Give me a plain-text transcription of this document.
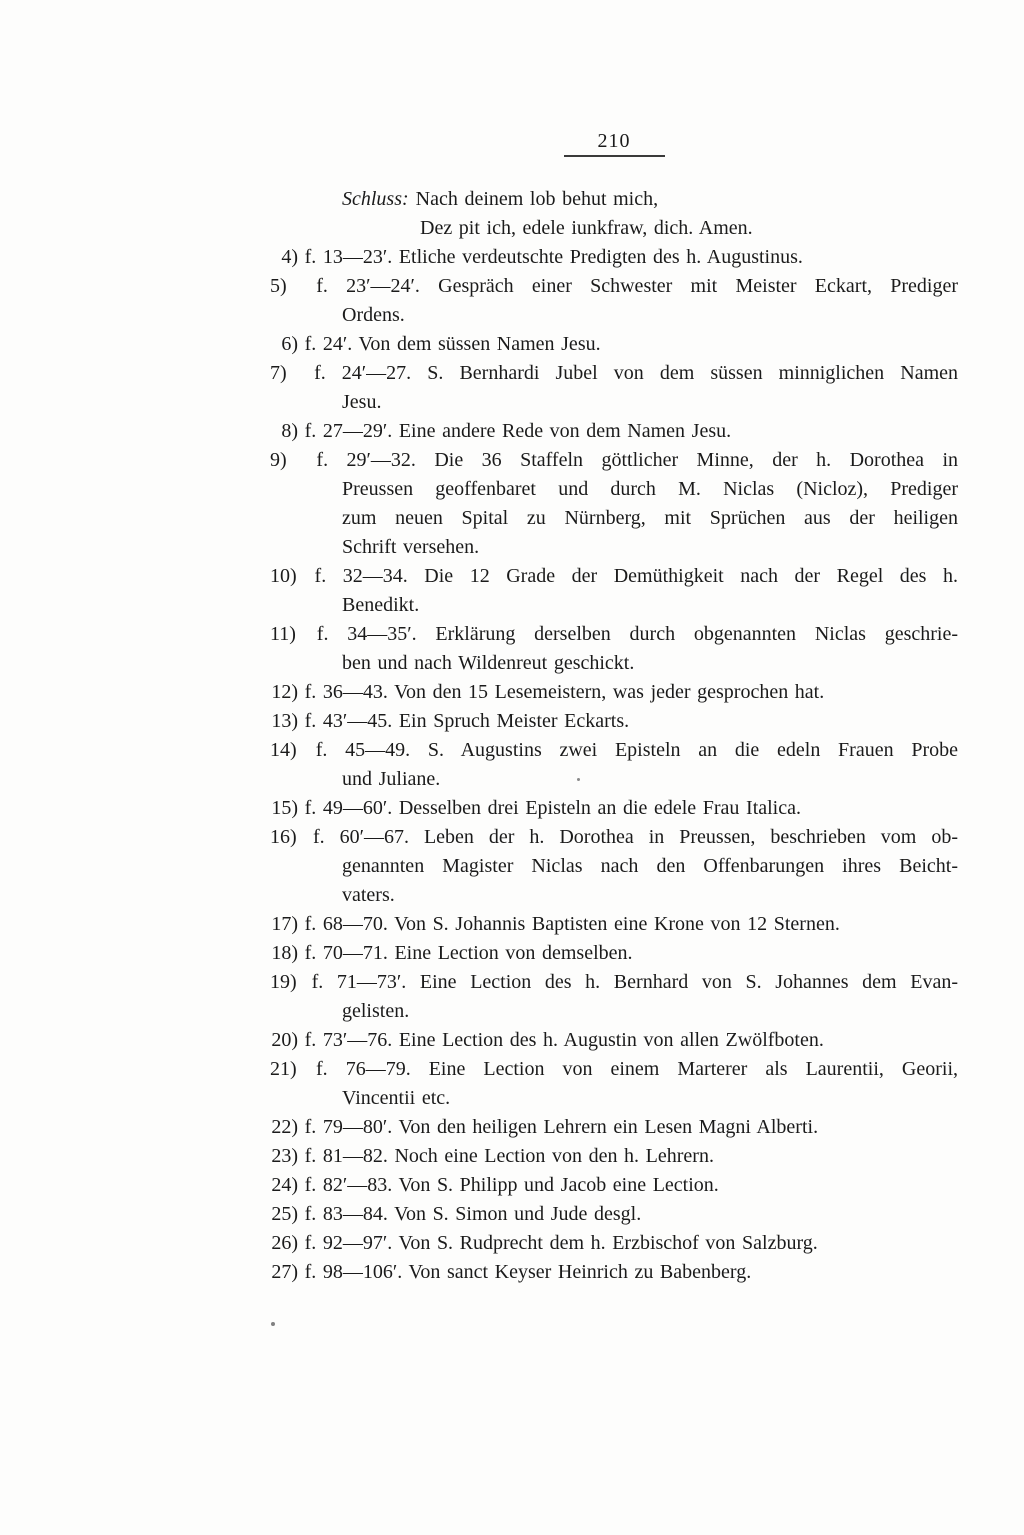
210
Schluss: Nach deinem lob behut mich,
Dez pit ich, edele iunkfraw, dich. Amen.
4) f. 13—23′. Etliche verdeutschte Predigten des h. Augustinus.
5) f. 23′—24′. Gespräch einer Schwester mit Meister Eckart, Prediger
Ordens.
6) f. 24′. Von dem süssen Namen Jesu.
7) f. 24′—27. S. Bernhardi Jubel von dem süssen minniglichen Namen
Jesu.
8) f. 27—29′. Eine andere Rede von dem Namen Jesu.
9) f. 29′—32. Die 36 Staffeln göttlicher Minne, der h. Dorothea in
Preussen geoffenbaret und durch M. Niclas (Nicloz), Prediger
zum neuen Spital zu Nürnberg, mit Sprüchen aus der heiligen
Schrift versehen.
10) f. 32—34. Die 12 Grade der Demüthigkeit nach der Regel des h.
Benedikt.
11) f. 34—35′. Erklärung derselben durch obgenannten Niclas geschrie-
ben und nach Wildenreut geschickt.
12) f. 36—43. Von den 15 Lesemeistern, was jeder gesprochen hat.
13) f. 43′—45. Ein Spruch Meister Eckarts.
14) f. 45—49. S. Augustins zwei Episteln an die edeln Frauen Probe
und Juliane.
15) f. 49—60′. Desselben drei Episteln an die edele Frau Italica.
16) f. 60′—67. Leben der h. Dorothea in Preussen, beschrieben vom ob-
genannten Magister Niclas nach den Offenbarungen ihres Beicht-
vaters.
17) f. 68—70. Von S. Johannis Baptisten eine Krone von 12 Sternen.
18) f. 70—71. Eine Lection von demselben.
19) f. 71—73′. Eine Lection des h. Bernhard von S. Johannes dem Evan-
gelisten.
20) f. 73′—76. Eine Lection des h. Augustin von allen Zwölfboten.
21) f. 76—79. Eine Lection von einem Marterer als Laurentii, Georii,
Vincentii etc.
22) f. 79—80′. Von den heiligen Lehrern ein Lesen Magni Alberti.
23) f. 81—82. Noch eine Lection von den h. Lehrern.
24) f. 82′—83. Von S. Philipp und Jacob eine Lection.
25) f. 83—84. Von S. Simon und Jude desgl.
26) f. 92—97′. Von S. Rudprecht dem h. Erzbischof von Salzburg.
27) f. 98—106′. Von sanct Keyser Heinrich zu Babenberg.
